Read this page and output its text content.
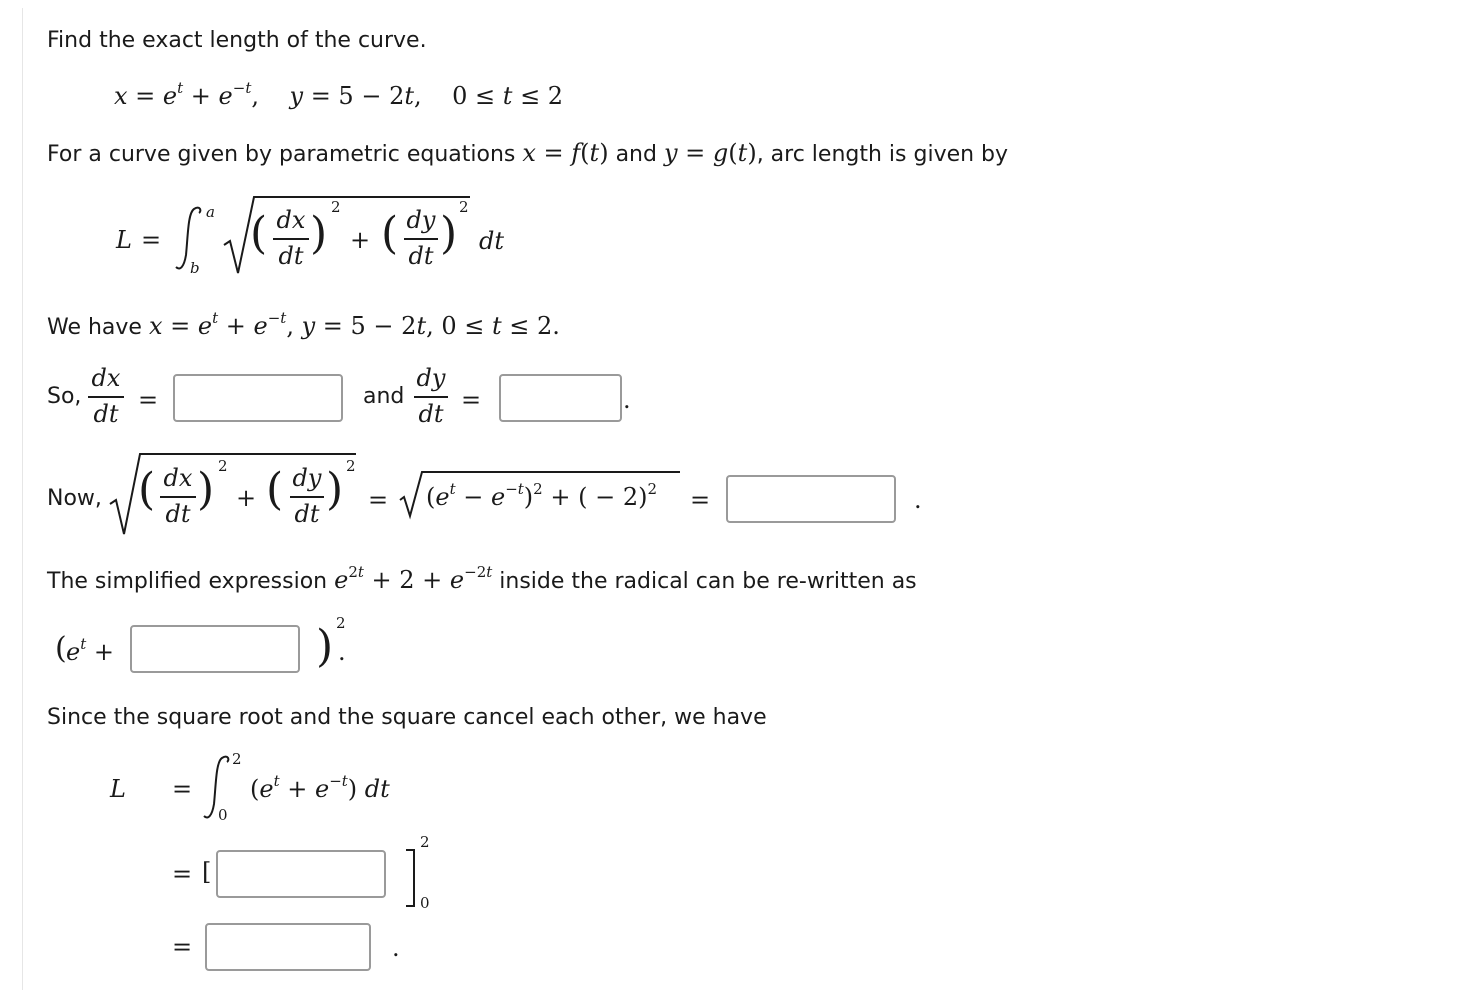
Find the exact length of the curve.
$x = e^t + e^{-t}$,    y = 5 − 2t,    0 ≤ t ≤ 2
For a curve given by parametric equations x = f(t) and y = g(t), arc length is given by
L =
a
b
( dx
dt )
2
+ ( dy
dt )
2
dt
We have $x = e^t + e^{-t}$, y = 5 − 2t, 0 ≤ t ≤ 2.
So,
dx
dt =	and
dy
dt =	.
Now, ( dx
dt ) 2
+ ( dy
dt ) 2
= $(e^t - e^{-t})^2$ + ( − 2)$^2$ =	.
The simplified expression $e^{2t} + 2 + e^{-2t}$ inside the radical can be re-written as
( $e^t$ +	) 2
.
Since the square root and the square cancel each other, we have
L =
2
0
$(e^t + e^{-t})$ dt
= [
2
0
=	.
